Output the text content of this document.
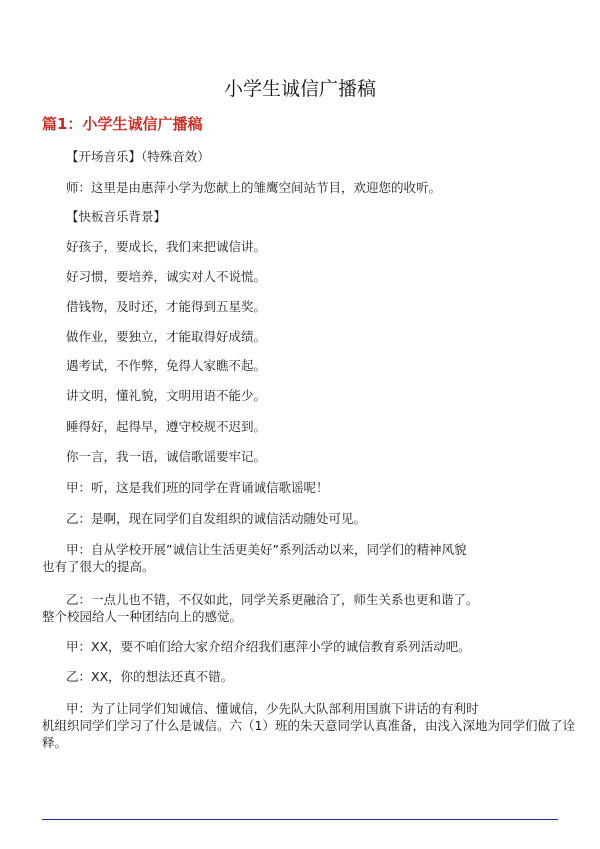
小学生诚信广播稿
篇1：小学生诚信广播稿
【开场音乐】（特殊音效）
师：这里是由惠萍小学为您献上的雏鹰空间站节目，欢迎您的收听。
【快板音乐背景】
好孩子，要成长，我们来把诚信讲。
好习惯，要培养，诚实对人不说慌。
借钱物，及时还，才能得到五星奖。
做作业，要独立，才能取得好成绩。
遇考试，不作弊，免得人家瞧不起。
讲文明，懂礼貌，文明用语不能少。
睡得好，起得早，遵守校规不迟到。
你一言，我一语，诚信歌谣要牢记。
甲：听，这是我们班的同学在背诵诚信歌谣呢！
乙：是啊，现在同学们自发组织的诚信活动随处可见。
甲：自从学校开展”诚信让生活更美好”系列活动以来，同学们的精神风貌
也有了很大的提高。
乙：一点儿也不错，不仅如此，同学关系更融洽了，师生关系也更和谐了。
整个校园给人一种团结向上的感觉。
甲：XX，要不咱们给大家介绍介绍我们惠萍小学的诚信教育系列活动吧。
乙：XX，你的想法还真不错。
甲：为了让同学们知诚信、懂诚信，少先队大队部利用国旗下讲话的有利时
机组织同学们学习了什么是诚信。六（1）班的朱天意同学认真准备，由浅入深地为同学们做了诠
释。
